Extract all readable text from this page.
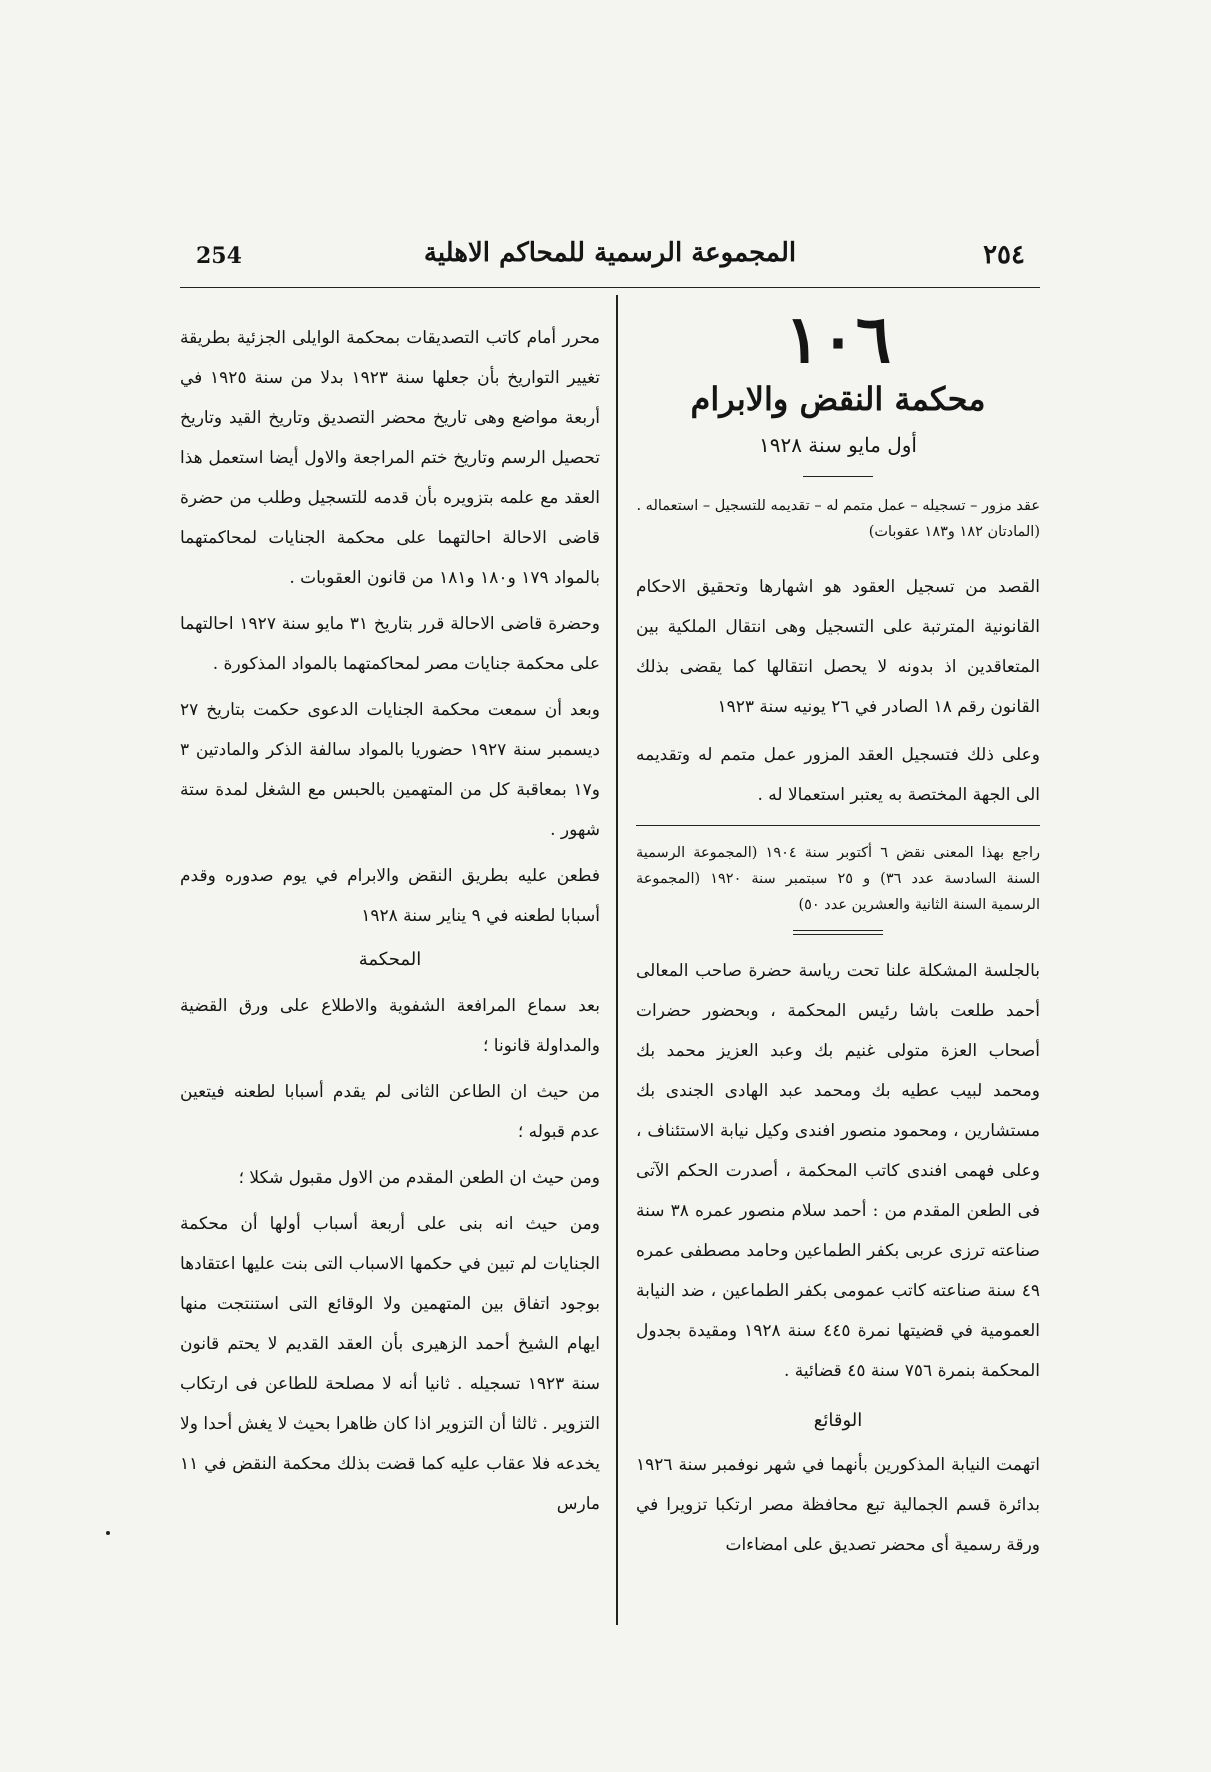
254	المجموعة الرسمية للمحاكم الاهلية	٢٥٤
١٠٦
محكمة النقض والابرام
أول مايو سنة ١٩٢٨
عقد مزور – تسجيله – عمل متمم له – تقديمه للتسجيل – استعماله . (المادتان ١٨٢ و١٨٣ عقوبات)
القصد من تسجيل العقود هو اشهارها وتحقيق الاحكام القانونية المترتبة على التسجيل وهى انتقال الملكية بين المتعاقدين اذ بدونه لا يحصل انتقالها كما يقضى بذلك القانون رقم ١٨ الصادر في ٢٦ يونيه سنة ١٩٢٣
وعلى ذلك فتسجيل العقد المزور عمل متمم له وتقديمه الى الجهة المختصة به يعتبر استعمالا له .
راجع بهذا المعنى نقض ٦ أكتوبر سنة ١٩٠٤ (المجموعة الرسمية السنة السادسة عدد ٣٦) و ٢٥ سبتمبر سنة ١٩٢٠ (المجموعة الرسمية السنة الثانية والعشرين عدد ٥٠)
بالجلسة المشكلة علنا تحت رياسة حضرة صاحب المعالى أحمد طلعت باشا رئيس المحكمة ، وبحضور حضرات أصحاب العزة متولى غنيم بك وعبد العزيز محمد بك ومحمد لبيب عطيه بك ومحمد عبد الهادى الجندى بك مستشارين ، ومحمود منصور افندى وكيل نيابة الاستئناف ، وعلى فهمى افندى كاتب المحكمة ، أصدرت الحكم الآتى فى الطعن المقدم من : أحمد سلام منصور عمره ٣٨ سنة صناعته ترزى عربى بكفر الطماعين وحامد مصطفى عمره ٤٩ سنة صناعته كاتب عمومى بكفر الطماعين ، ضد النيابة العمومية في قضيتها نمرة ٤٤٥ سنة ١٩٢٨ ومقيدة بجدول المحكمة بنمرة ٧٥٦ سنة ٤٥ قضائية .
الوقائع
اتهمت النيابة المذكورين بأنهما في شهر نوفمبر سنة ١٩٢٦ بدائرة قسم الجمالية تبع محافظة مصر ارتكبا تزويرا في ورقة رسمية أى محضر تصديق على امضاءات
محرر أمام كاتب التصديقات بمحكمة الوايلى الجزئية بطريقة تغيير التواريخ بأن جعلها سنة ١٩٢٣ بدلا من سنة ١٩٢٥ في أربعة مواضع وهى تاريخ محضر التصديق وتاريخ القيد وتاريخ تحصيل الرسم وتاريخ ختم المراجعة والاول أيضا استعمل هذا العقد مع علمه بتزويره بأن قدمه للتسجيل وطلب من حضرة قاضى الاحالة احالتهما على محكمة الجنايات لمحاكمتهما بالمواد ١٧٩ و١٨٠ و١٨١ من قانون العقوبات .
وحضرة قاضى الاحالة قرر بتاريخ ٣١ مايو سنة ١٩٢٧ احالتهما على محكمة جنايات مصر لمحاكمتهما بالمواد المذكورة .
وبعد أن سمعت محكمة الجنايات الدعوى حكمت بتاريخ ٢٧ ديسمبر سنة ١٩٢٧ حضوريا بالمواد سالفة الذكر والمادتين ٣ و١٧ بمعاقبة كل من المتهمين بالحبس مع الشغل لمدة ستة شهور .
فطعن عليه بطريق النقض والابرام في يوم صدوره وقدم أسبابا لطعنه في ٩ يناير سنة ١٩٢٨
المحكمة
بعد سماع المرافعة الشفوية والاطلاع على ورق القضية والمداولة قانونا ؛
من حيث ان الطاعن الثانى لم يقدم أسبابا لطعنه فيتعين عدم قبوله ؛
ومن حيث ان الطعن المقدم من الاول مقبول شكلا ؛
ومن حيث انه بنى على أربعة أسباب أولها أن محكمة الجنايات لم تبين في حكمها الاسباب التى بنت عليها اعتقادها بوجود اتفاق بين المتهمين ولا الوقائع التى استنتجت منها ايهام الشيخ أحمد الزهيرى بأن العقد القديم لا يحتم قانون سنة ١٩٢٣ تسجيله . ثانيا أنه لا مصلحة للطاعن فى ارتكاب التزوير . ثالثا أن التزوير اذا كان ظاهرا بحيث لا يغش أحدا ولا يخدعه فلا عقاب عليه كما قضت بذلك محكمة النقض في ١١ مارس
